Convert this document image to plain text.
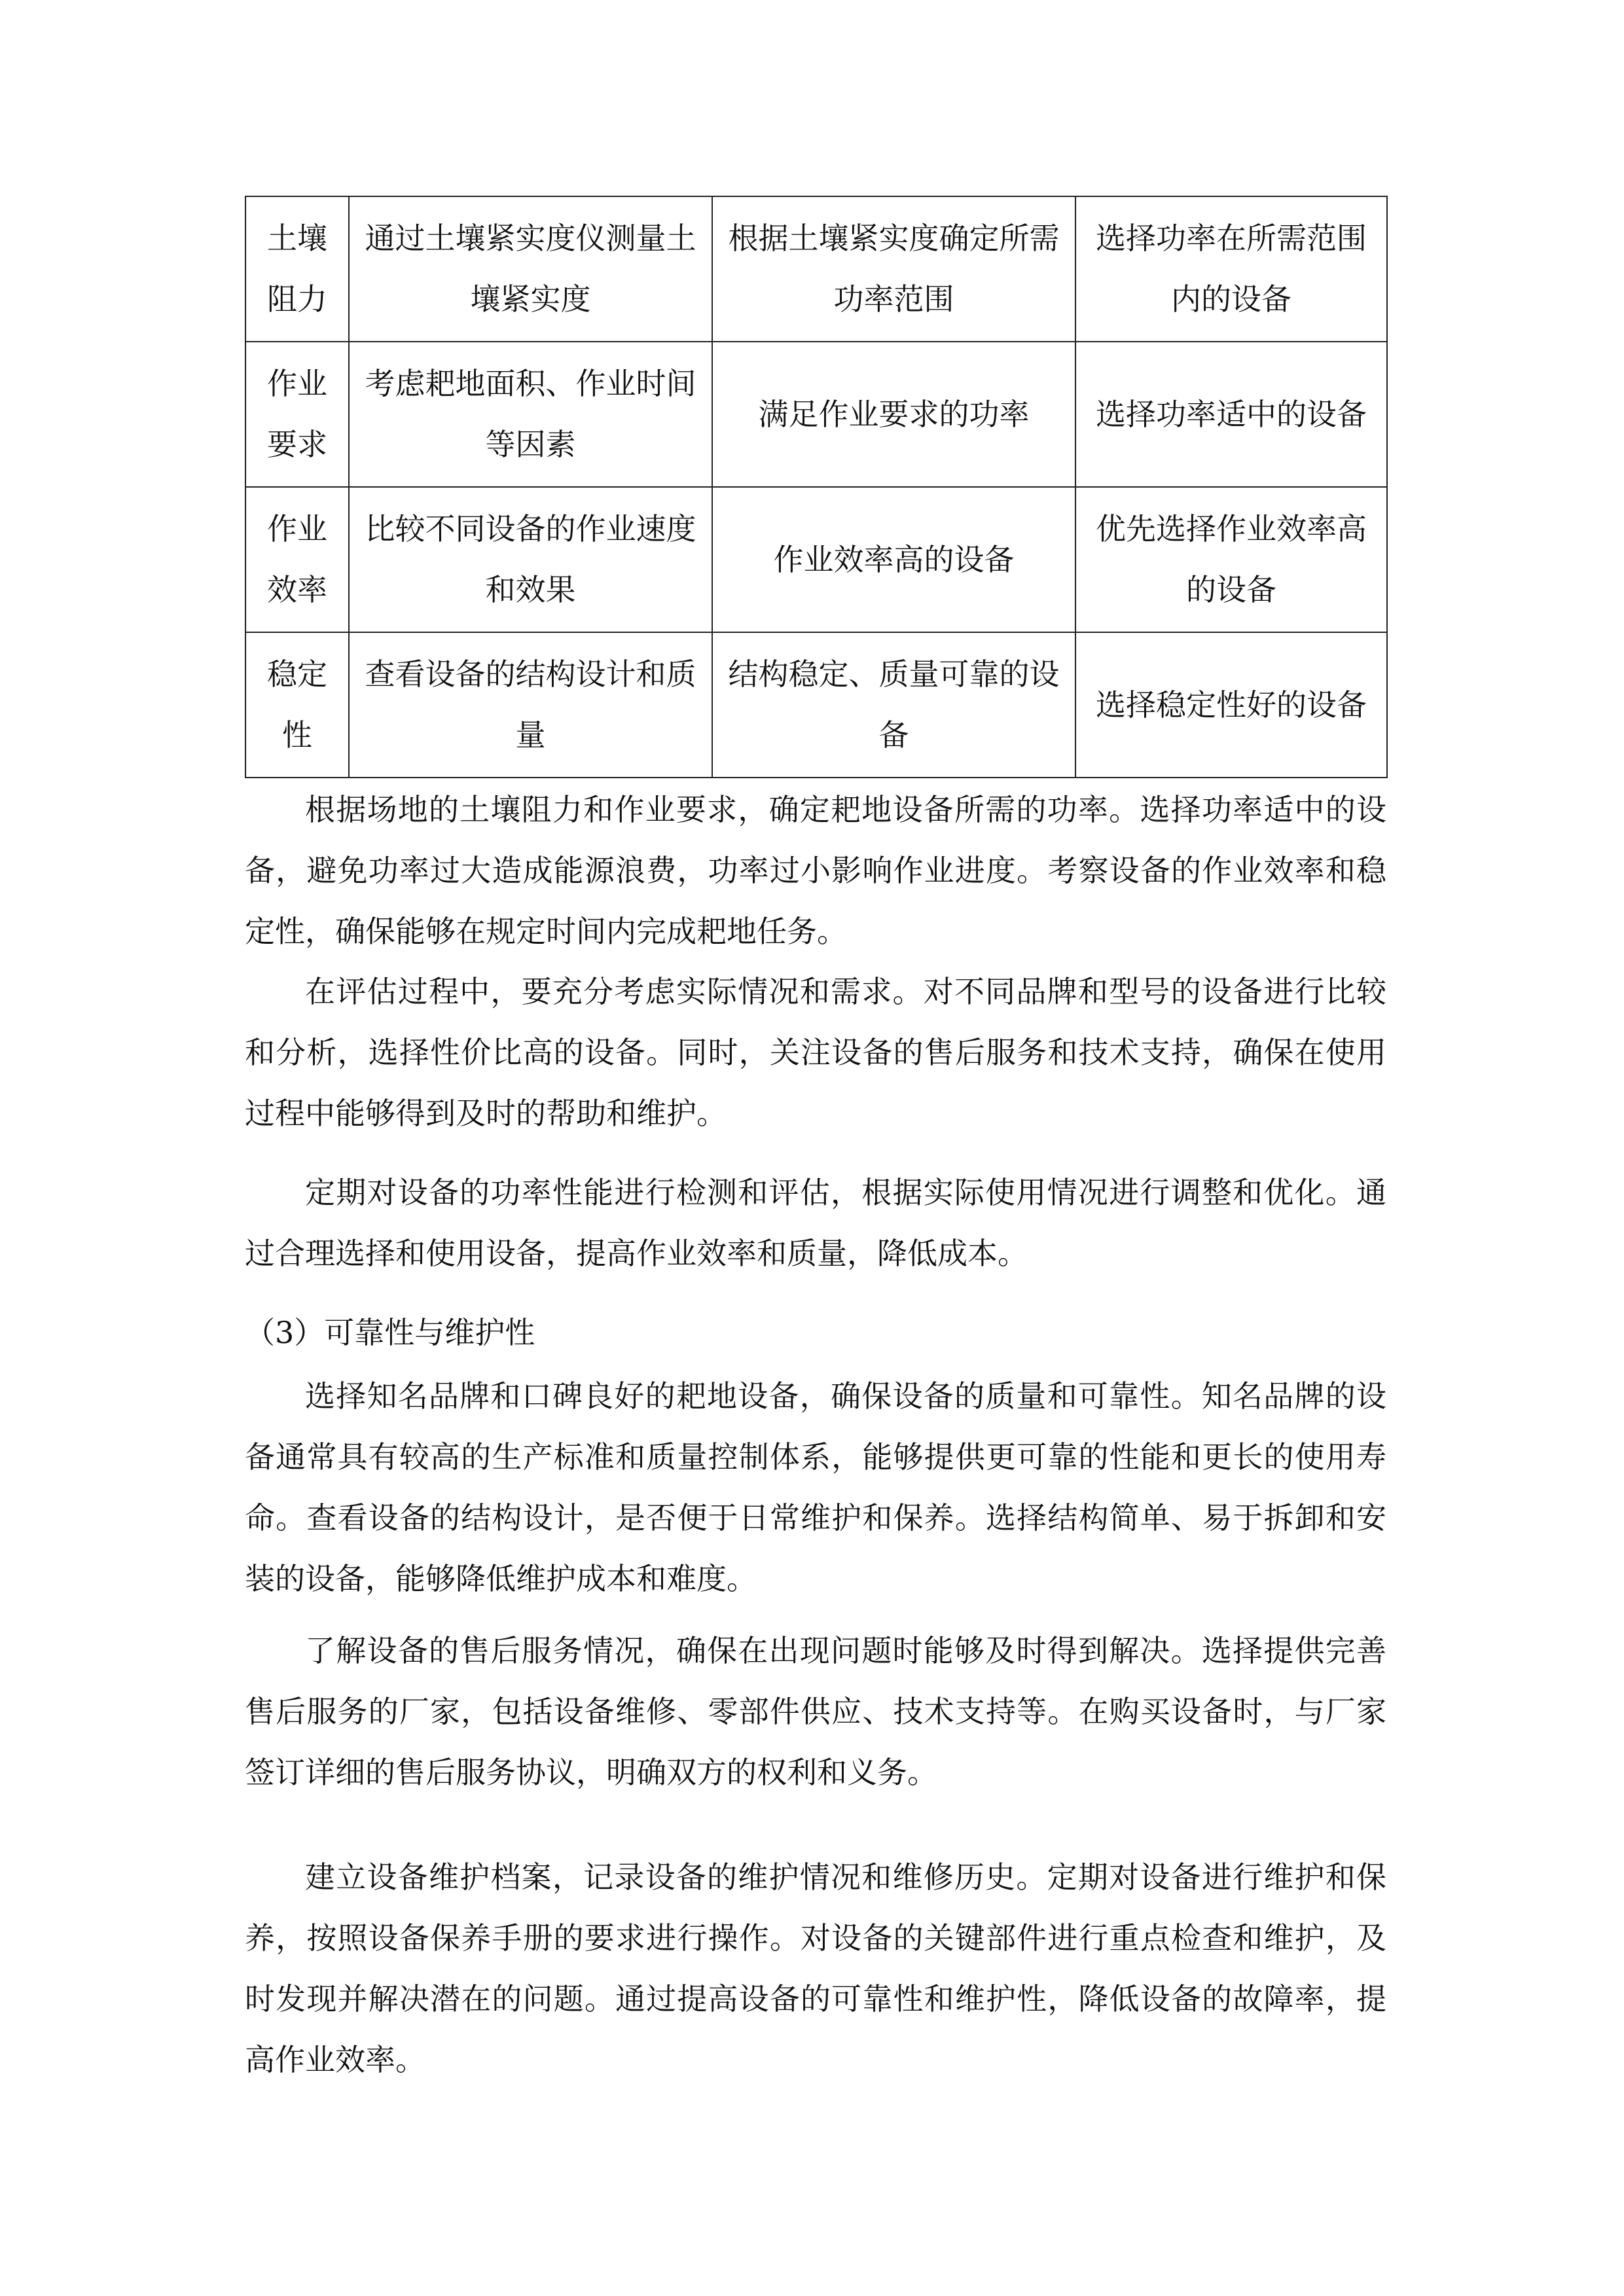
土壤阻力	通过土壤紧实度仪测量土壤紧实度	根据土壤紧实度确定所需功率范围	选择功率在所需范围内的设备
作业要求	考虑耙地面积、作业时间等因素	满足作业要求的功率	选择功率适中的设备
作业效率	比较不同设备的作业速度和效果	作业效率高的设备	优先选择作业效率高的设备
稳定性	查看设备的结构设计和质量	结构稳定、质量可靠的设备	选择稳定性好的设备

根据场地的土壤阻力和作业要求，确定耙地设备所需的功率。选择功率适中的设备，避免功率过大造成能源浪费，功率过小影响作业进度。考察设备的作业效率和稳定性，确保能够在规定时间内完成耙地任务。

在评估过程中，要充分考虑实际情况和需求。对不同品牌和型号的设备进行比较和分析，选择性价比高的设备。同时，关注设备的售后服务和技术支持，确保在使用过程中能够得到及时的帮助和维护。

定期对设备的功率性能进行检测和评估，根据实际使用情况进行调整和优化。通过合理选择和使用设备，提高作业效率和质量，降低成本。

（3）可靠性与维护性

选择知名品牌和口碑良好的耙地设备，确保设备的质量和可靠性。知名品牌的设备通常具有较高的生产标准和质量控制体系，能够提供更可靠的性能和更长的使用寿命。查看设备的结构设计，是否便于日常维护和保养。选择结构简单、易于拆卸和安装的设备，能够降低维护成本和难度。

了解设备的售后服务情况，确保在出现问题时能够及时得到解决。选择提供完善售后服务的厂家，包括设备维修、零部件供应、技术支持等。在购买设备时，与厂家签订详细的售后服务协议，明确双方的权利和义务。

建立设备维护档案，记录设备的维护情况和维修历史。定期对设备进行维护和保养，按照设备保养手册的要求进行操作。对设备的关键部件进行重点检查和维护，及时发现并解决潜在的问题。通过提高设备的可靠性和维护性，降低设备的故障率，提高作业效率。
